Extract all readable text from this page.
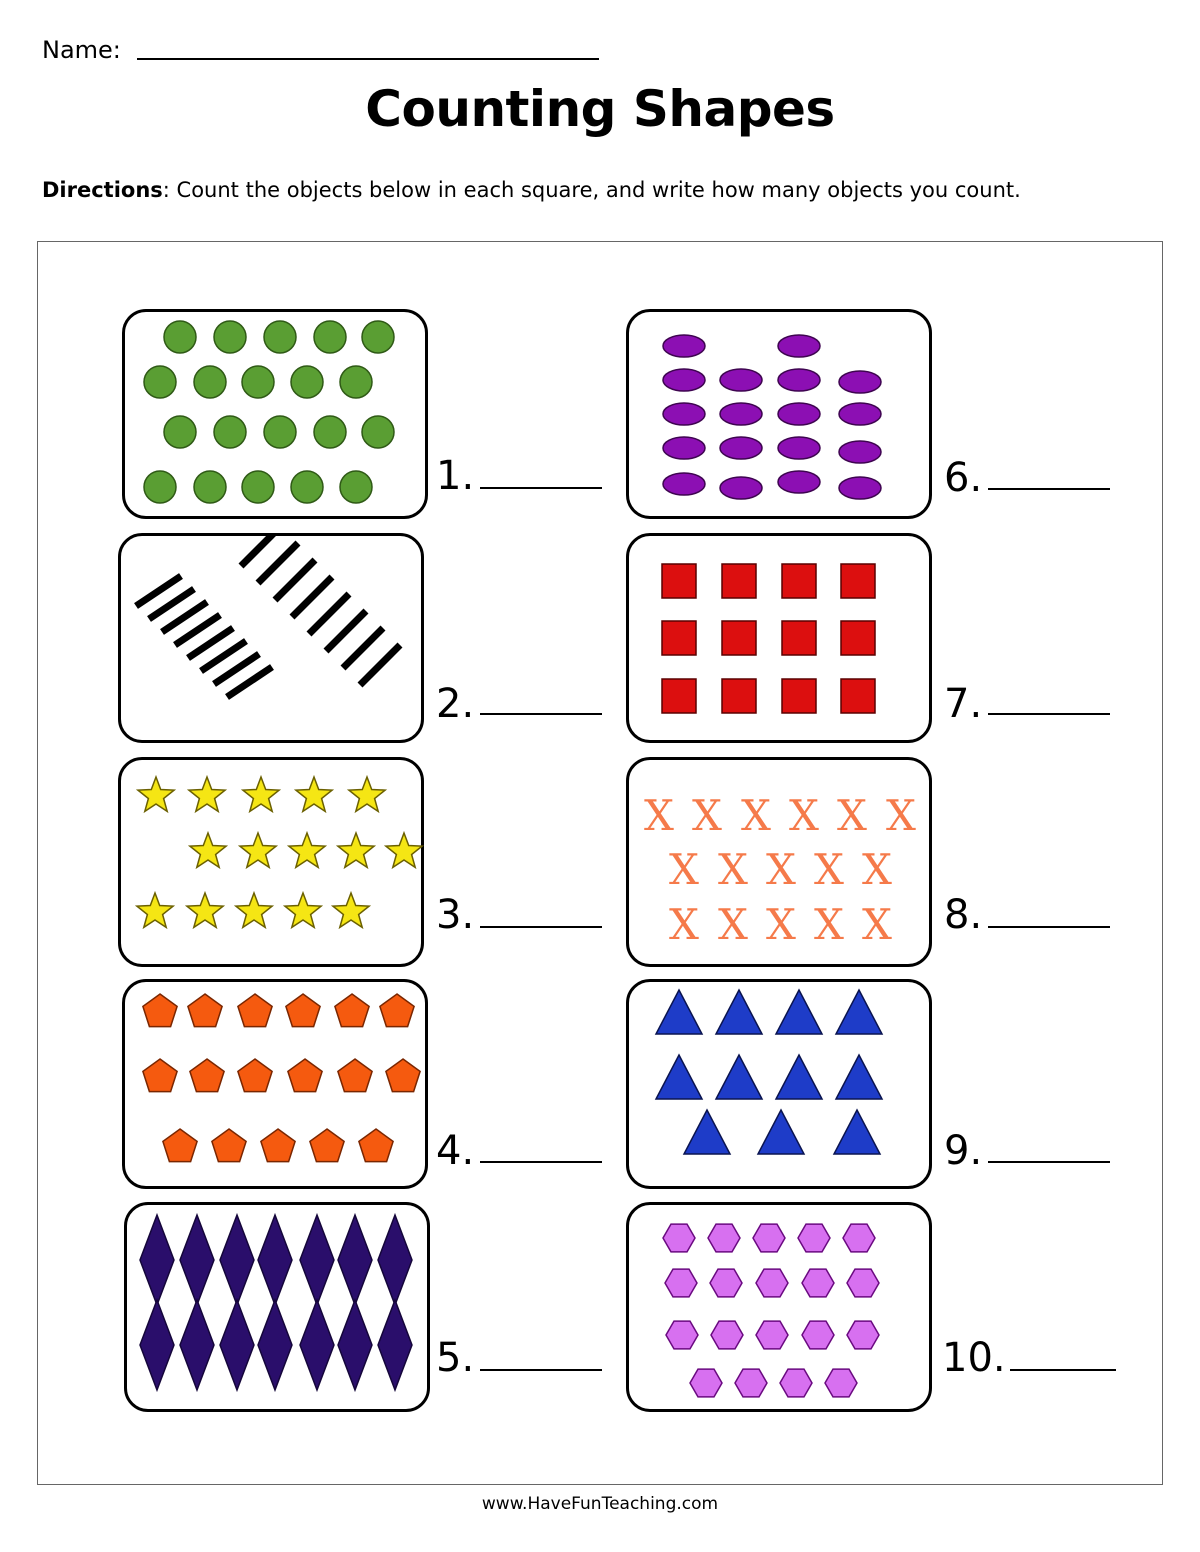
Name:
Counting Shapes
Directions: Count the objects below in each square, and write how many objects you count.
1.
2.
3.
4.
5.
6.
7.
X X X X X X
X X X X X
X X X X X 8.
9.
10.
www.HaveFunTeaching.com
